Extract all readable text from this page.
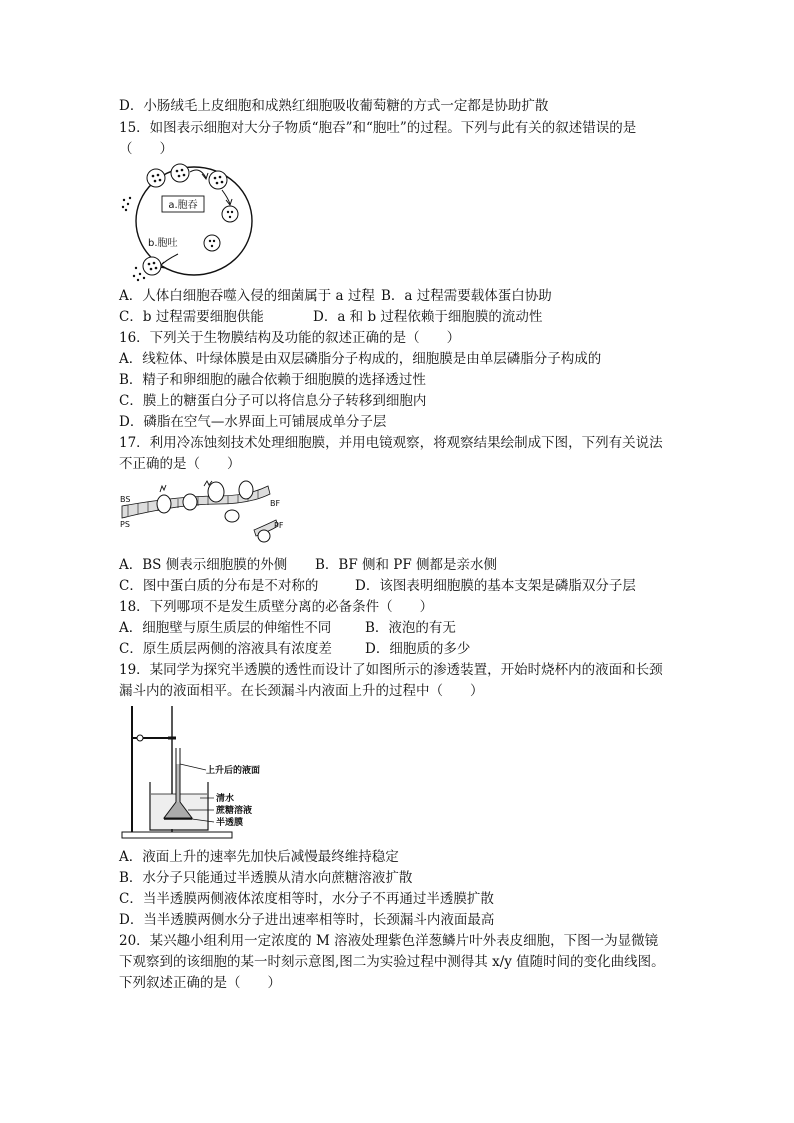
D．小肠绒毛上皮细胞和成熟红细胞吸收葡萄糖的方式一定都是协助扩散
15．如图表示细胞对大分子物质“胞吞”和“胞吐”的过程。下列与此有关的叙述错误的是
（　　）
a.胞吞
b.胞吐
A．人体白细胞吞噬入侵的细菌属于 a 过程 B．a 过程需要载体蛋白协助
C．b 过程需要细胞供能	D．a 和 b 过程依赖于细胞膜的流动性
16．下列关于生物膜结构及功能的叙述正确的是（　　）
A．线粒体、叶绿体膜是由双层磷脂分子构成的，细胞膜是由单层磷脂分子构成的
B．精子和卵细胞的融合依赖于细胞膜的选择透过性
C．膜上的糖蛋白分子可以将信息分子转移到细胞内
D．磷脂在空气—水界面上可铺展成单分子层
17．利用冷冻蚀刻技术处理细胞膜，并用电镜观察，将观察结果绘制成下图，下列有关说法
不正确的是（　　）
BS
PS
BF
PF
A．BS 侧表示细胞膜的外侧 B．BF 侧和 PF 侧都是亲水侧
C．图中蛋白质的分布是不对称的	D．该图表明细胞膜的基本支架是磷脂双分子层
18．下列哪项不是发生质壁分离的必备条件（　　）
A．细胞壁与原生质层的伸缩性不同	B．液泡的有无
C．原生质层两侧的溶液具有浓度差 D．细胞质的多少
19．某同学为探究半透膜的透性而设计了如图所示的渗透装置，开始时烧杯内的液面和长颈
漏斗内的液面相平。在长颈漏斗内液面上升的过程中（　　）
上升后的液面
清水
蔗糖溶液
半透膜
A．液面上升的速率先加快后减慢最终维持稳定
B．水分子只能通过半透膜从清水向蔗糖溶液扩散
C．当半透膜两侧液体浓度相等时，水分子不再通过半透膜扩散
D．当半透膜两侧水分子进出速率相等时，长颈漏斗内液面最高
20．某兴趣小组利用一定浓度的 M 溶液处理紫色洋葱鳞片叶外表皮细胞，下图一为显微镜
下观察到的该细胞的某一时刻示意图,图二为实验过程中测得其 x/y 值随时间的变化曲线图。
下列叙述正确的是（　　）
